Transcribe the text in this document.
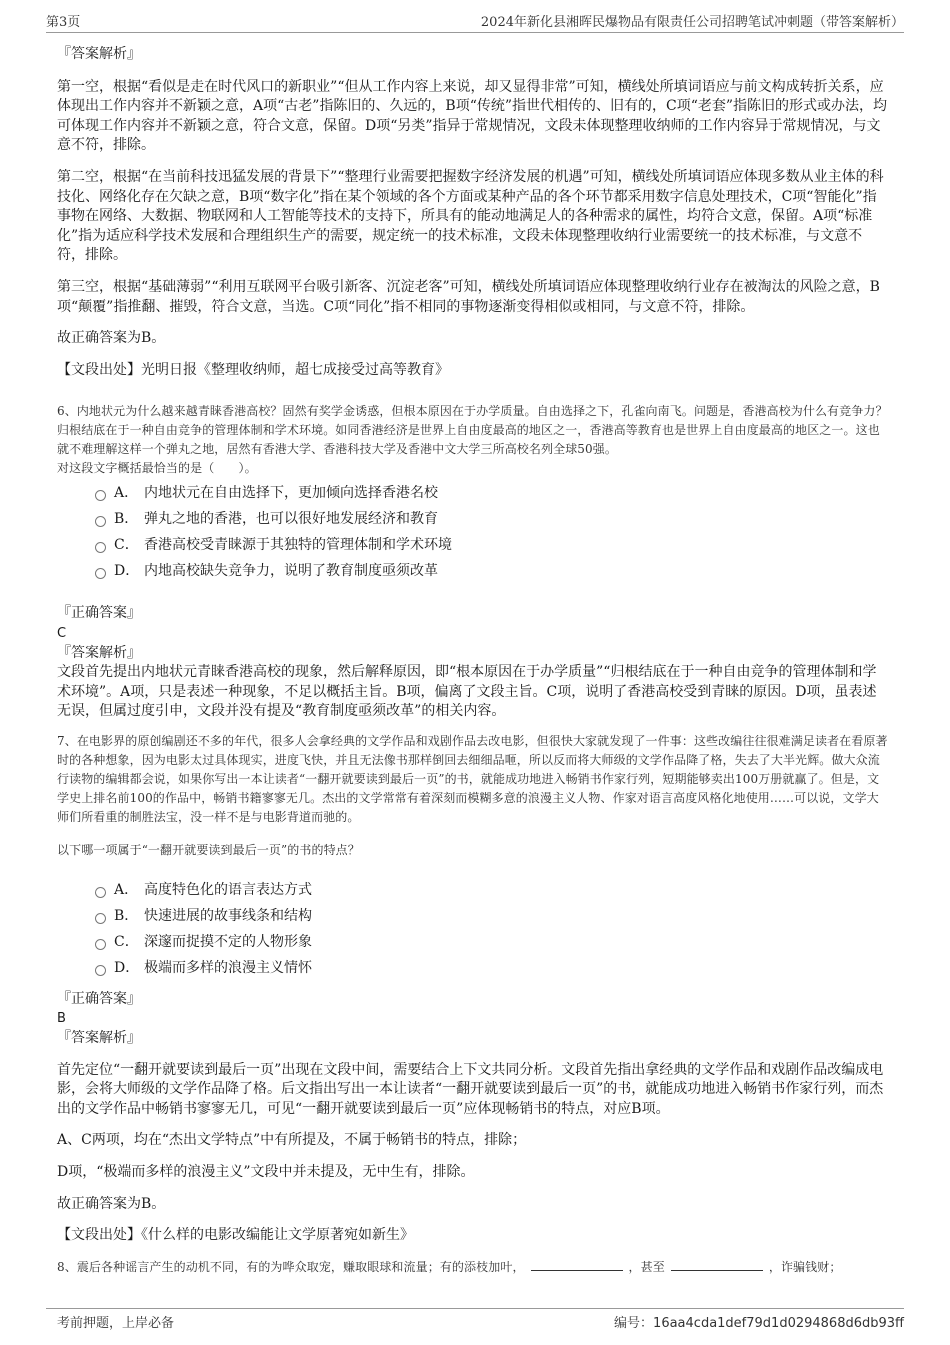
第3页	2024年新化县湘晖民爆物品有限责任公司招聘笔试冲刺题（带答案解析）

『答案解析』

第一空，根据“看似是走在时代风口的新职业”“但从工作内容上来说，却又显得非常”可知，横线处所填词语应与前文构成转折关系，应体现出工作内容并不新颖之意，A项“古老”指陈旧的、久远的，B项“传统”指世代相传的、旧有的，C项“老套”指陈旧的形式或办法，均可体现工作内容并不新颖之意，符合文意，保留。D项“另类”指异于常规情况，文段未体现整理收纳师的工作内容异于常规情况，与文意不符，排除。

第二空，根据“在当前科技迅猛发展的背景下”“整理行业需要把握数字经济发展的机遇”可知，横线处所填词语应体现多数从业主体的科技化、网络化存在欠缺之意，B项“数字化”指在某个领域的各个方面或某种产品的各个环节都采用数字信息处理技术，C项“智能化”指事物在网络、大数据、物联网和人工智能等技术的支持下，所具有的能动地满足人的各种需求的属性，均符合文意，保留。A项“标准化”指为适应科学技术发展和合理组织生产的需要，规定统一的技术标准，文段未体现整理收纳行业需要统一的技术标准，与文意不符，排除。

第三空，根据“基础薄弱”“利用互联网平台吸引新客、沉淀老客”可知，横线处所填词语应体现整理收纳行业存在被淘汰的风险之意，B项“颠覆”指推翻、摧毁，符合文意，当选。C项“同化”指不相同的事物逐渐变得相似或相同，与文意不符，排除。

故正确答案为B。

【文段出处】光明日报《整理收纳师，超七成接受过高等教育》

6、内地状元为什么越来越青睐香港高校？固然有奖学金诱惑，但根本原因在于办学质量。自由选择之下，孔雀向南飞。问题是，香港高校为什么有竞争力？归根结底在于一种自由竞争的管理体制和学术环境。如同香港经济是世界上自由度最高的地区之一，香港高等教育也是世界上自由度最高的地区之一。这也就不难理解这样一个弹丸之地，居然有香港大学、香港科技大学及香港中文大学三所高校名列全球50强。

对这段文字概括最恰当的是（　　）。

A． 内地状元在自由选择下，更加倾向选择香港名校
B． 弹丸之地的香港，也可以很好地发展经济和教育
C． 香港高校受青睐源于其独特的管理体制和学术环境
D． 内地高校缺失竞争力，说明了教育制度亟须改革

『正确答案』

C

『答案解析』

文段首先提出内地状元青睐香港高校的现象，然后解释原因，即“根本原因在于办学质量”“归根结底在于一种自由竞争的管理体制和学术环境”。A项，只是表述一种现象，不足以概括主旨。B项，偏离了文段主旨。C项，说明了香港高校受到青睐的原因。D项，虽表述无误，但属过度引申，文段并没有提及“教育制度亟须改革”的相关内容。

7、在电影界的原创编剧还不多的年代，很多人会拿经典的文学作品和戏剧作品去改电影，但很快大家就发现了一件事：这些改编往往很难满足读者在看原著时的各种想象，因为电影太过具体现实，进度飞快，并且无法像书那样倒回去细细品咂，所以反而将大师级的文学作品降了格，失去了大半光辉。做大众流行读物的编辑都会说，如果你写出一本让读者“一翻开就要读到最后一页”的书，就能成功地进入畅销书作家行列，短期能够卖出100万册就赢了。但是，文学史上排名前100的作品中，畅销书籍寥寥无几。杰出的文学常常有着深刻而模糊多意的浪漫主义人物、作家对语言高度风格化地使用……可以说，文学大师们所看重的制胜法宝，没一样不是与电影背道而驰的。

以下哪一项属于“一翻开就要读到最后一页”的书的特点？

A． 高度特色化的语言表达方式
B． 快速进展的故事线条和结构
C． 深邃而捉摸不定的人物形象
D． 极端而多样的浪漫主义情怀

『正确答案』

B

『答案解析』

首先定位“一翻开就要读到最后一页”出现在文段中间，需要结合上下文共同分析。文段首先指出拿经典的文学作品和戏剧作品改编成电影，会将大师级的文学作品降了格。后文指出写出一本让读者“一翻开就要读到最后一页”的书，就能成功地进入畅销书作家行列，而杰出的文学作品中畅销书寥寥无几，可见“一翻开就要读到最后一页”应体现畅销书的特点，对应B项。

A、C两项，均在“杰出文学特点”中有所提及，不属于畅销书的特点，排除；

D项，“极端而多样的浪漫主义”文段中并未提及，无中生有，排除。

故正确答案为B。

【文段出处】《什么样的电影改编能让文学原著宛如新生》

8、震后各种谣言产生的动机不同，有的为哗众取宠，赚取眼球和流量；有的添枝加叶，	，甚至	，诈骗钱财；

考前押题，上岸必备	编号：16aa4cda1def79d1d0294868d6db93ff
